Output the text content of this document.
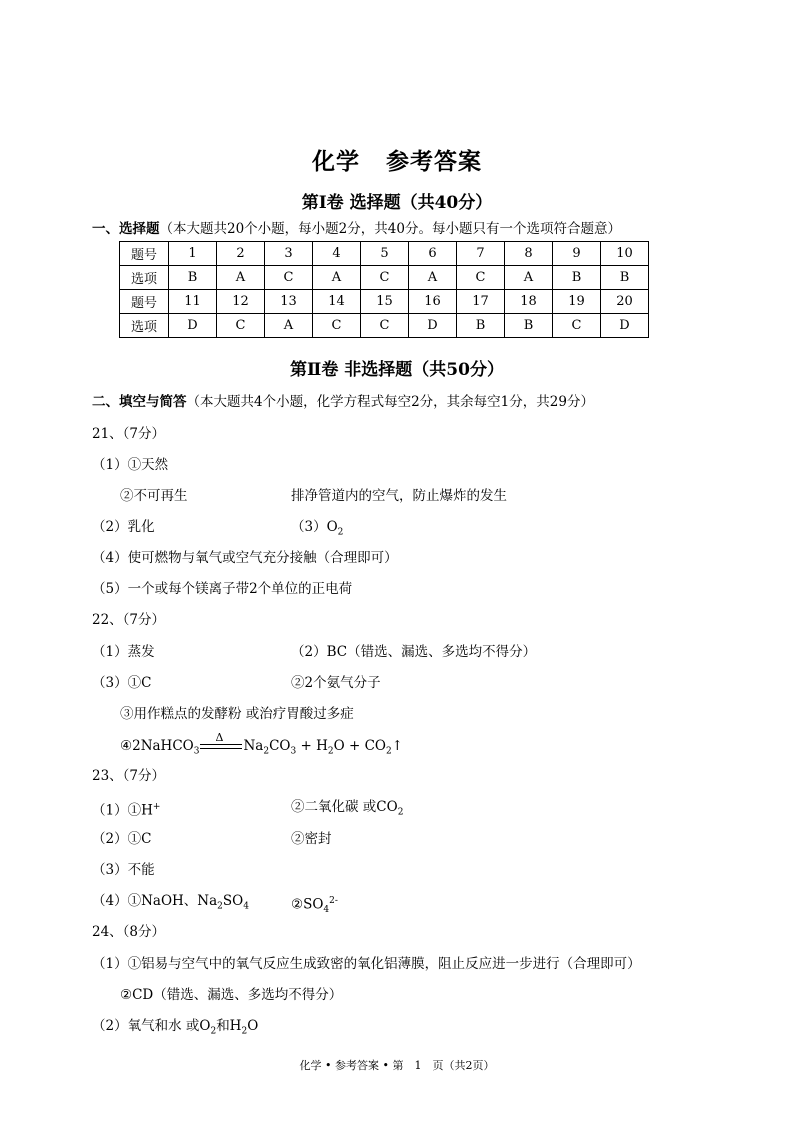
化学 参考答案
第Ⅰ卷 选择题（共40分）
一、选择题（本大题共20个小题，每小题2分，共40分。每小题只有一个选项符合题意）
题号	1	2	3	4	5	6	7	8	9	10
选项	B	A	C	A	C	A	C	A	B	B
题号	11	12	13	14	15	16	17	18	19	20
选项	D	C	A	C	C	D	B	B	C	D
第Ⅱ卷 非选择题（共50分）
二、填空与简答（本大题共4个小题，化学方程式每空2分，其余每空1分，共29分）
21、（7分）
（1）①天然
②不可再生	排净管道内的空气，防止爆炸的发生
（2）乳化	$(3)O_2$
（4）使可燃物与氧气或空气充分接触（合理即可）
（5）一个或每个镁离子带2个单位的正电荷
22、（7分）
（1）蒸发	（2）BC（错选、漏选、多选均不得分）
（3）①C	②2个氨气分子
③用作糕点的发酵粉 或治疗胃酸过多症
④2NaHCO$_3$
Δ
$Na_2CO_3 + H_2O$ + $CO_2↑$
23、（7分）
（1）①H+	②二氧化碳 或$CO_2$
（2）①C	②密封
（3）不能
（4）①NaOH、$Na_2SO_4$	$②SO_4^{2-}$
24、（8分）
（1）①铝易与空气中的氧气反应生成致密的氧化铝薄膜，阻止反应进一步进行（合理即可）
②CD（错选、漏选、多选均不得分）
（2）氧气和水 或$O_2$和$H_2O$
化学 • 参考答案 • 第　1　页（共2页）
